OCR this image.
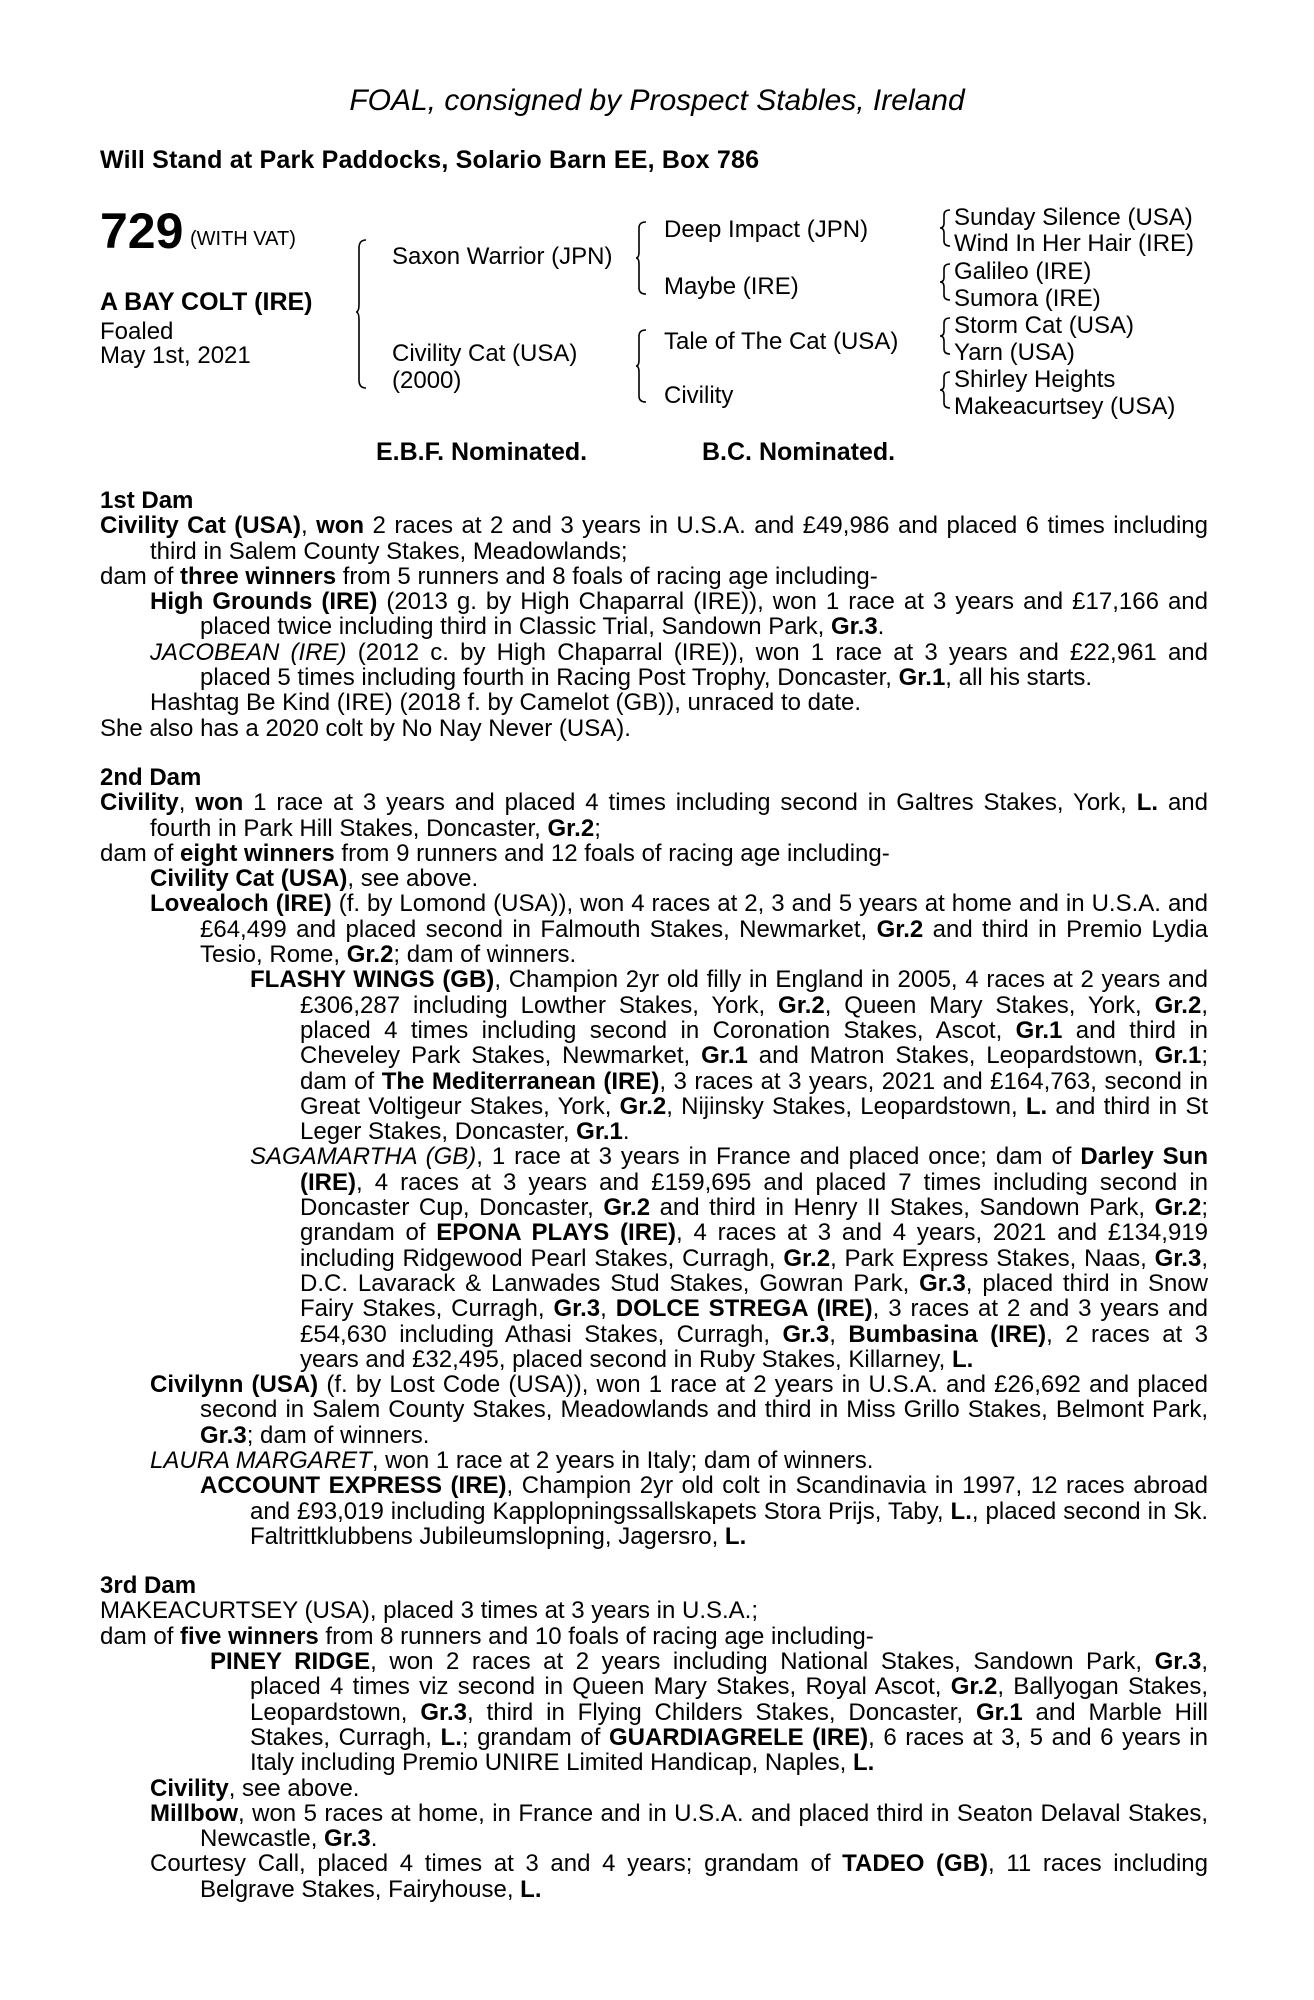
FOAL, consigned by Prospect Stables, Ireland
Will Stand at Park Paddocks, Solario Barn EE, Box 786
729 (WITH VAT)
A BAY COLT (IRE)
Foaled
May 1st, 2021
Saxon Warrior (JPN)
Civility Cat (USA)
(2000)
Deep Impact (JPN)
Maybe (IRE)
Tale of The Cat (USA)
Civility
Sunday Silence (USA)
Wind In Her Hair (IRE)
Galileo (IRE)
Sumora (IRE)
Storm Cat (USA)
Yarn (USA)
Shirley Heights
Makeacurtsey (USA)
E.B.F. Nominated.	B.C. Nominated.

1st Dam

Civility Cat (USA), won 2 races at 2 and 3 years in U.S.A. and £49,986 and placed 6 times including third in Salem County Stakes, Meadowlands;

dam of three winners from 5 runners and 8 foals of racing age including-

High Grounds (IRE) (2013 g. by High Chaparral (IRE)), won 1 race at 3 years and £17,166 and placed twice including third in Classic Trial, Sandown Park, Gr.3.

JACOBEAN (IRE) (2012 c. by High Chaparral (IRE)), won 1 race at 3 years and £22,961 and placed 5 times including fourth in Racing Post Trophy, Doncaster, Gr.1, all his starts.

Hashtag Be Kind (IRE) (2018 f. by Camelot (GB)), unraced to date.

She also has a 2020 colt by No Nay Never (USA).

2nd Dam

Civility, won 1 race at 3 years and placed 4 times including second in Galtres Stakes, York, L. and fourth in Park Hill Stakes, Doncaster, Gr.2;

dam of eight winners from 9 runners and 12 foals of racing age including-

Civility Cat (USA), see above.

Lovealoch (IRE) (f. by Lomond (USA)), won 4 races at 2, 3 and 5 years at home and in U.S.A. and £64,499 and placed second in Falmouth Stakes, Newmarket, Gr.2 and third in Premio Lydia Tesio, Rome, Gr.2; dam of winners.

FLASHY WINGS (GB), Champion 2yr old filly in England in 2005, 4 races at 2 years and £306,287 including Lowther Stakes, York, Gr.2, Queen Mary Stakes, York, Gr.2, placed 4 times including second in Coronation Stakes, Ascot, Gr.1 and third in Cheveley Park Stakes, Newmarket, Gr.1 and Matron Stakes, Leopardstown, Gr.1; dam of The Mediterranean (IRE), 3 races at 3 years, 2021 and £164,763, second in Great Voltigeur Stakes, York, Gr.2, Nijinsky Stakes, Leopardstown, L. and third in St Leger Stakes, Doncaster, Gr.1.

SAGAMARTHA (GB), 1 race at 3 years in France and placed once; dam of Darley Sun (IRE), 4 races at 3 years and £159,695 and placed 7 times including second in Doncaster Cup, Doncaster, Gr.2 and third in Henry II Stakes, Sandown Park, Gr.2; grandam of EPONA PLAYS (IRE), 4 races at 3 and 4 years, 2021 and £134,919 including Ridgewood Pearl Stakes, Curragh, Gr.2, Park Express Stakes, Naas, Gr.3, D.C. Lavarack & Lanwades Stud Stakes, Gowran Park, Gr.3, placed third in Snow Fairy Stakes, Curragh, Gr.3, DOLCE STREGA (IRE), 3 races at 2 and 3 years and £54,630 including Athasi Stakes, Curragh, Gr.3, Bumbasina (IRE), 2 races at 3 years and £32,495, placed second in Ruby Stakes, Killarney, L.

Civilynn (USA) (f. by Lost Code (USA)), won 1 race at 2 years in U.S.A. and £26,692 and placed second in Salem County Stakes, Meadowlands and third in Miss Grillo Stakes, Belmont Park, Gr.3; dam of winners.

LAURA MARGARET, won 1 race at 2 years in Italy; dam of winners.

ACCOUNT EXPRESS (IRE), Champion 2yr old colt in Scandinavia in 1997, 12 races abroad and £93,019 including Kapplopningssallskapets Stora Prijs, Taby, L., placed second in Sk. Faltrittklubbens Jubileumslopning, Jagersro, L.

3rd Dam

MAKEACURTSEY (USA), placed 3 times at 3 years in U.S.A.;

dam of five winners from 8 runners and 10 foals of racing age including-

PINEY RIDGE, won 2 races at 2 years including National Stakes, Sandown Park, Gr.3, placed 4 times viz second in Queen Mary Stakes, Royal Ascot, Gr.2, Ballyogan Stakes, Leopardstown, Gr.3, third in Flying Childers Stakes, Doncaster, Gr.1 and Marble Hill Stakes, Curragh, L.; grandam of GUARDIAGRELE (IRE), 6 races at 3, 5 and 6 years in Italy including Premio UNIRE Limited Handicap, Naples, L.

Civility, see above.

Millbow, won 5 races at home, in France and in U.S.A. and placed third in Seaton Delaval Stakes, Newcastle, Gr.3.

Courtesy Call, placed 4 times at 3 and 4 years; grandam of TADEO (GB), 11 races including Belgrave Stakes, Fairyhouse, L.
